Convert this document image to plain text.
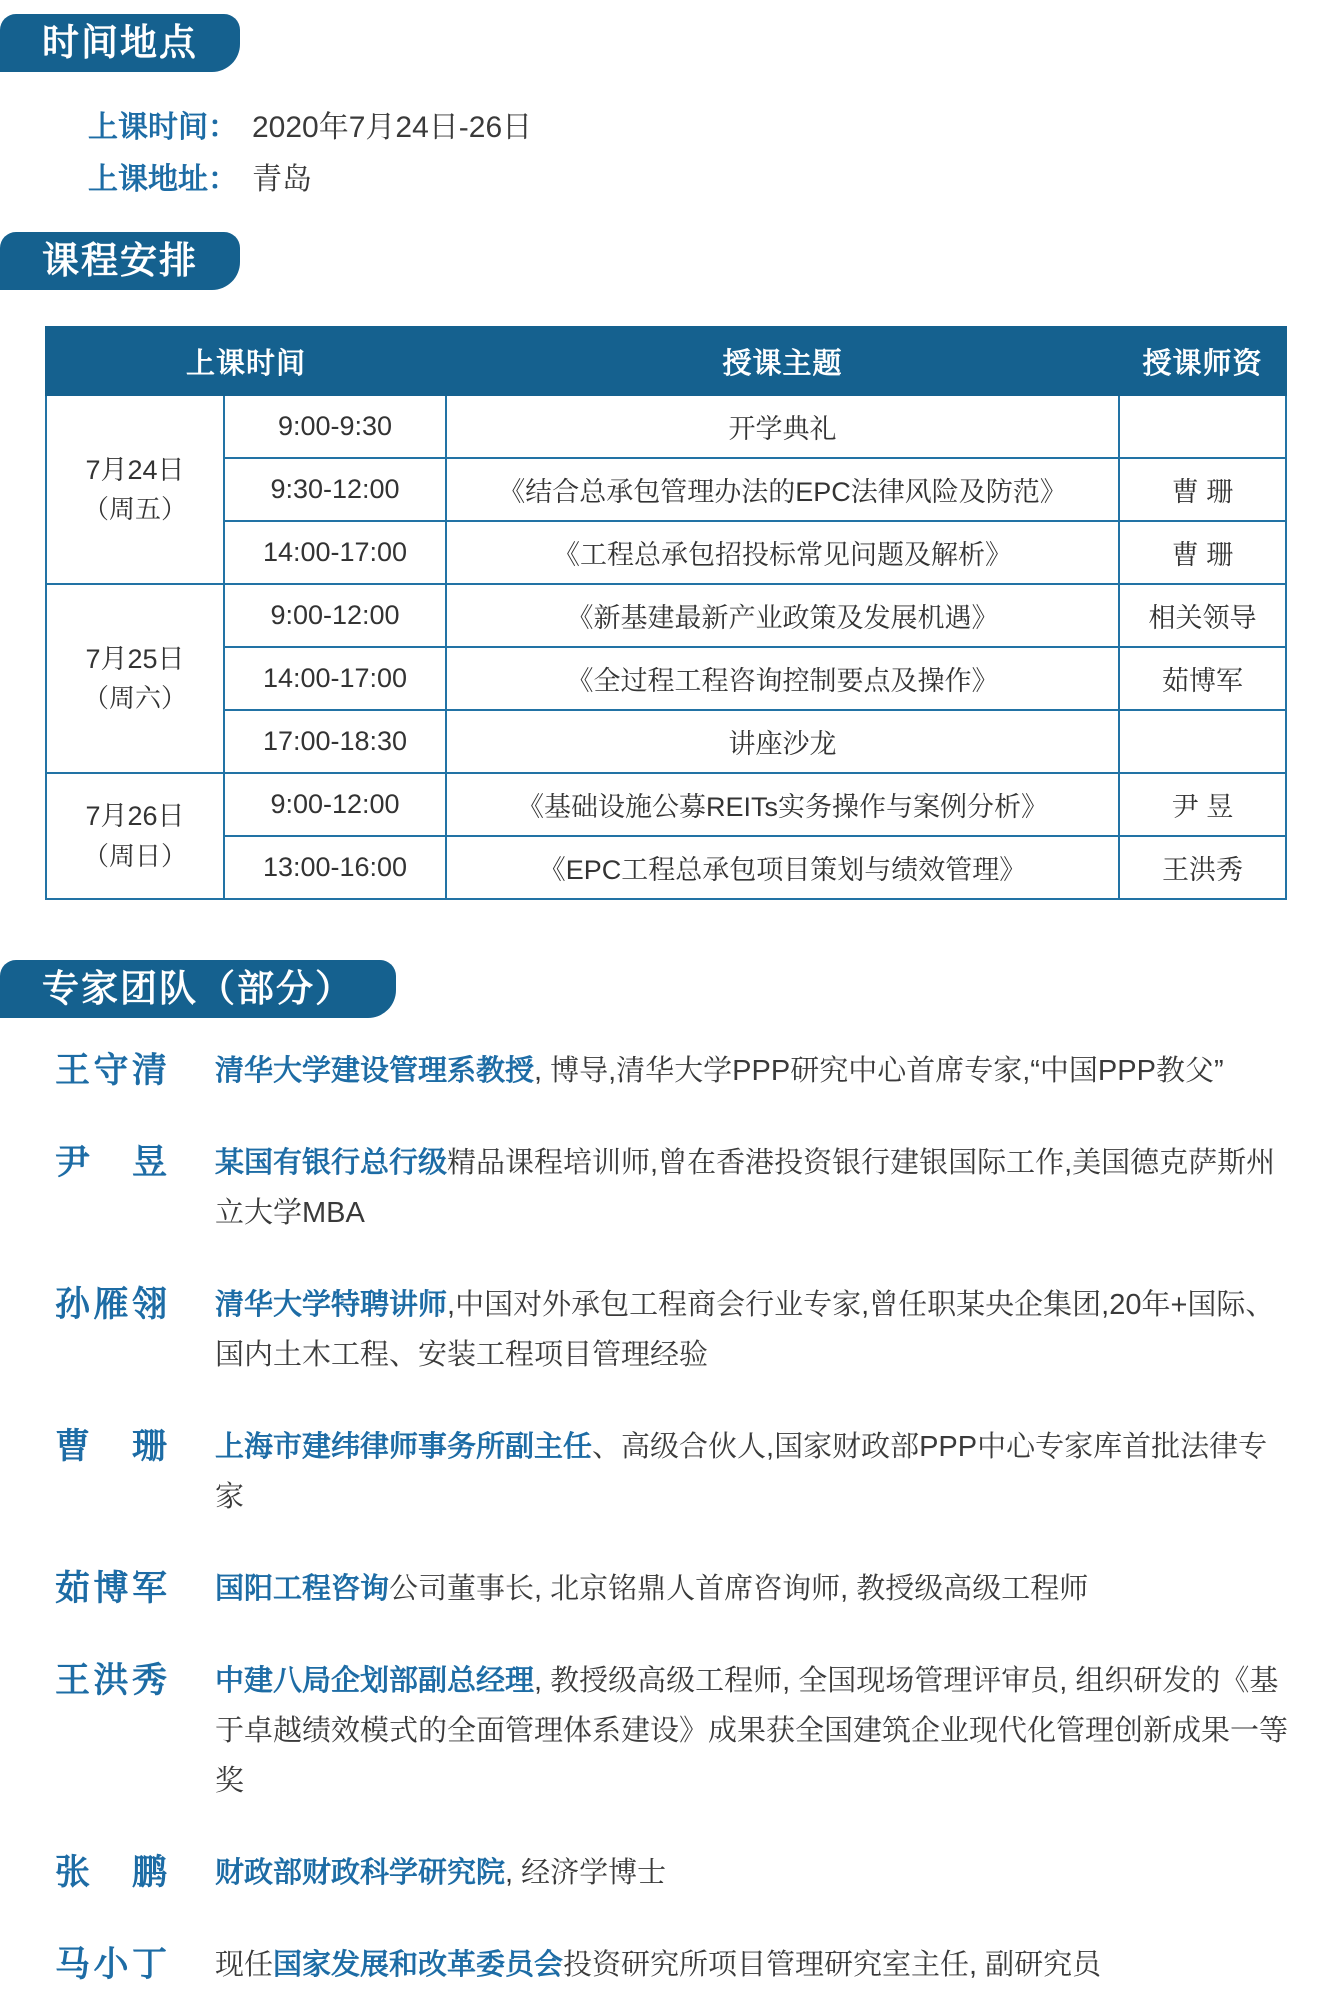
时间地点
上课时间： 2020年7月24日-26日
上课地址： 青岛
课程安排
上课时间		授课主题	授课师资

7月24日
（周五）	9:00-9:30	开学典礼	
	9:30-12:00	《结合总承包管理办法的EPC法律风险及防范》	曹 珊
	14:00-17:00	《工程总承包招投标常见问题及解析》	曹 珊

7月25日
（周六）	9:00-12:00	《新基建最新产业政策及发展机遇》	相关领导
	14:00-17:00	《全过程工程咨询控制要点及操作》	茹博军
	17:00-18:30	讲座沙龙	

7月26日
（周日）	9:00-12:00	《基础设施公募REITs实务操作与案例分析》	尹 昱
	13:00-16:00	《EPC工程总承包项目策划与绩效管理》	王洪秀
专家团队（部分）
王守清 清华大学建设管理系教授, 博导,清华大学PPP研究中心首席专家,“中国PPP教父”
尹　昱 某国有银行总行级精品课程培训师,曾在香港投资银行建银国际工作,美国德克萨斯州立大学MBA
孙雁翎 清华大学特聘讲师,中国对外承包工程商会行业专家,曾任职某央企集团,20年+国际、国内土木工程、安装工程项目管理经验
曹　珊 上海市建纬律师事务所副主任、高级合伙人,国家财政部PPP中心专家库首批法律专家
茹博军 国阳工程咨询公司董事长, 北京铭鼎人首席咨询师, 教授级高级工程师
王洪秀 中建八局企划部副总经理, 教授级高级工程师, 全国现场管理评审员, 组织研发的《基于卓越绩效模式的全面管理体系建设》成果获全国建筑企业现代化管理创新成果一等奖
张　鹏 财政部财政科学研究院, 经济学博士
马小丁 现任国家发展和改革委员会投资研究所项目管理研究室主任, 副研究员
